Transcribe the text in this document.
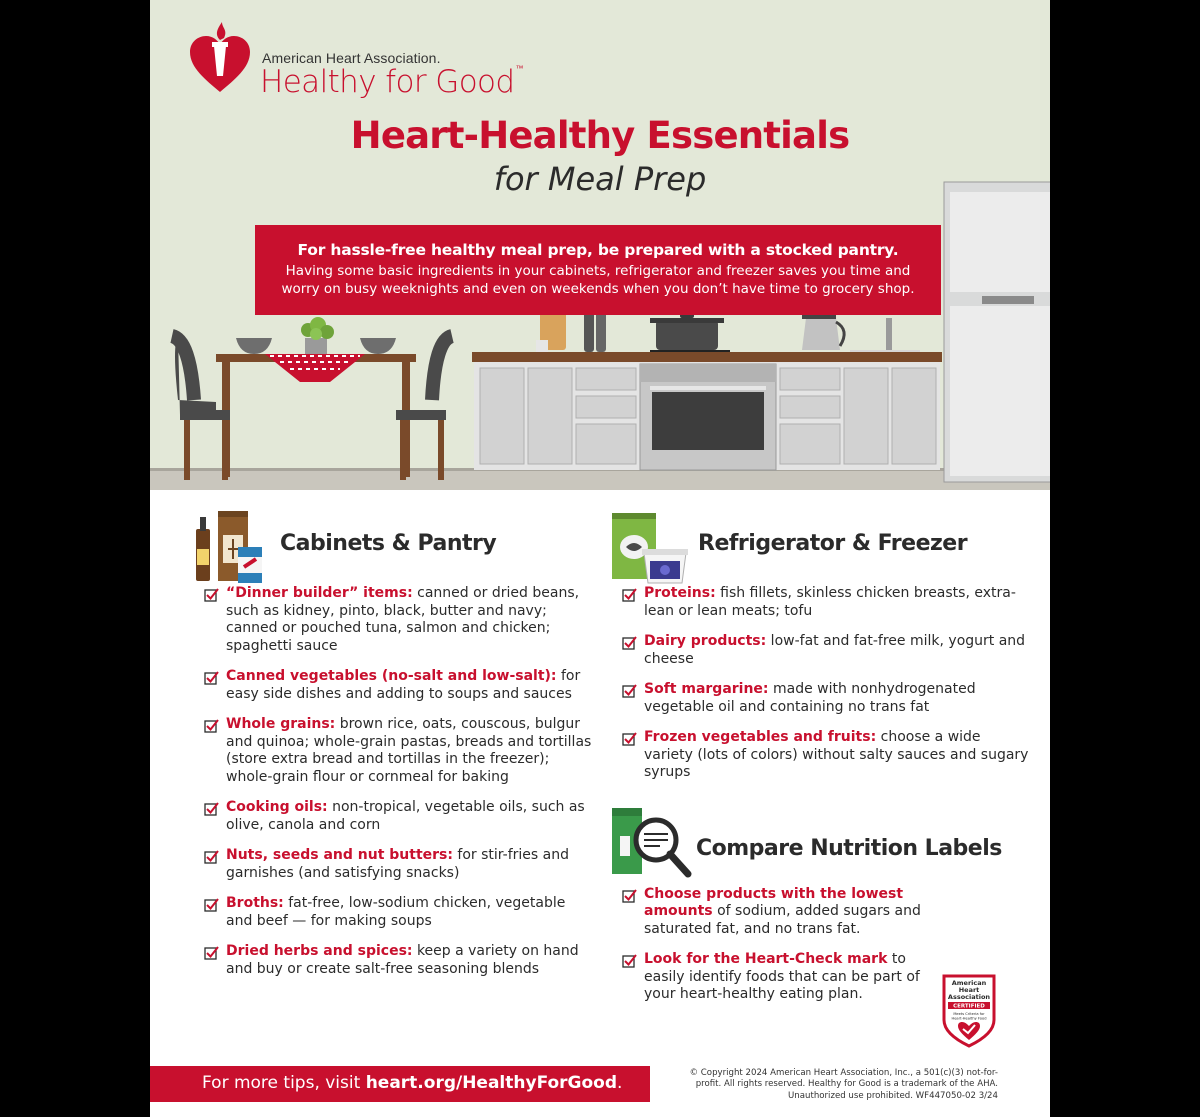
American Heart Association.
Healthy for Good™
Heart-Healthy Essentials
for Meal Prep
For hassle-free healthy meal prep, be prepared with a stocked pantry.
Having some basic ingredients in your cabinets, refrigerator and freezer saves you time and
worry on busy weeknights and even on weekends when you don’t have time to grocery shop.
Cabinets & Pantry
“Dinner builder” items: canned or dried beans, such as kidney, pinto, black, butter and navy; canned or pouched tuna, salmon and chicken; spaghetti sauce
Canned vegetables (no-salt and low-salt): for easy side dishes and adding to soups and sauces
Whole grains: brown rice, oats, couscous, bulgur and quinoa; whole-grain pastas, breads and tortillas (store extra bread and tortillas in the freezer); whole-grain flour or cornmeal for baking
Cooking oils: non-tropical, vegetable oils, such as olive, canola and corn
Nuts, seeds and nut butters: for stir-fries and garnishes (and satisfying snacks)
Broths: fat-free, low-sodium chicken, vegetable and beef — for making soups
Dried herbs and spices: keep a variety on hand and buy or create salt-free seasoning blends
Refrigerator & Freezer
Proteins: fish fillets, skinless chicken breasts, extra-lean or lean meats; tofu
Dairy products: low-fat and fat-free milk, yogurt and cheese
Soft margarine: made with nonhydrogenated vegetable oil and containing no trans fat
Frozen vegetables and fruits: choose a wide variety (lots of colors) without salty sauces and sugary syrups
Compare Nutrition Labels
Choose products with the lowest amounts of sodium, added sugars and saturated fat, and no trans fat.
Look for the Heart-Check mark to easily identify foods that can be part of your heart-healthy eating plan.
American
Heart
Association
CERTIFIED
Meets Criteria for
Heart-Healthy Food
For more tips, visit heart.org/HealthyForGood.	© Copyright 2024 American Heart Association, Inc., a 501(c)(3) not-for-profit. All rights reserved. Healthy for Good is a trademark of the AHA. Unauthorized use prohibited. WF447050-02 3/24
